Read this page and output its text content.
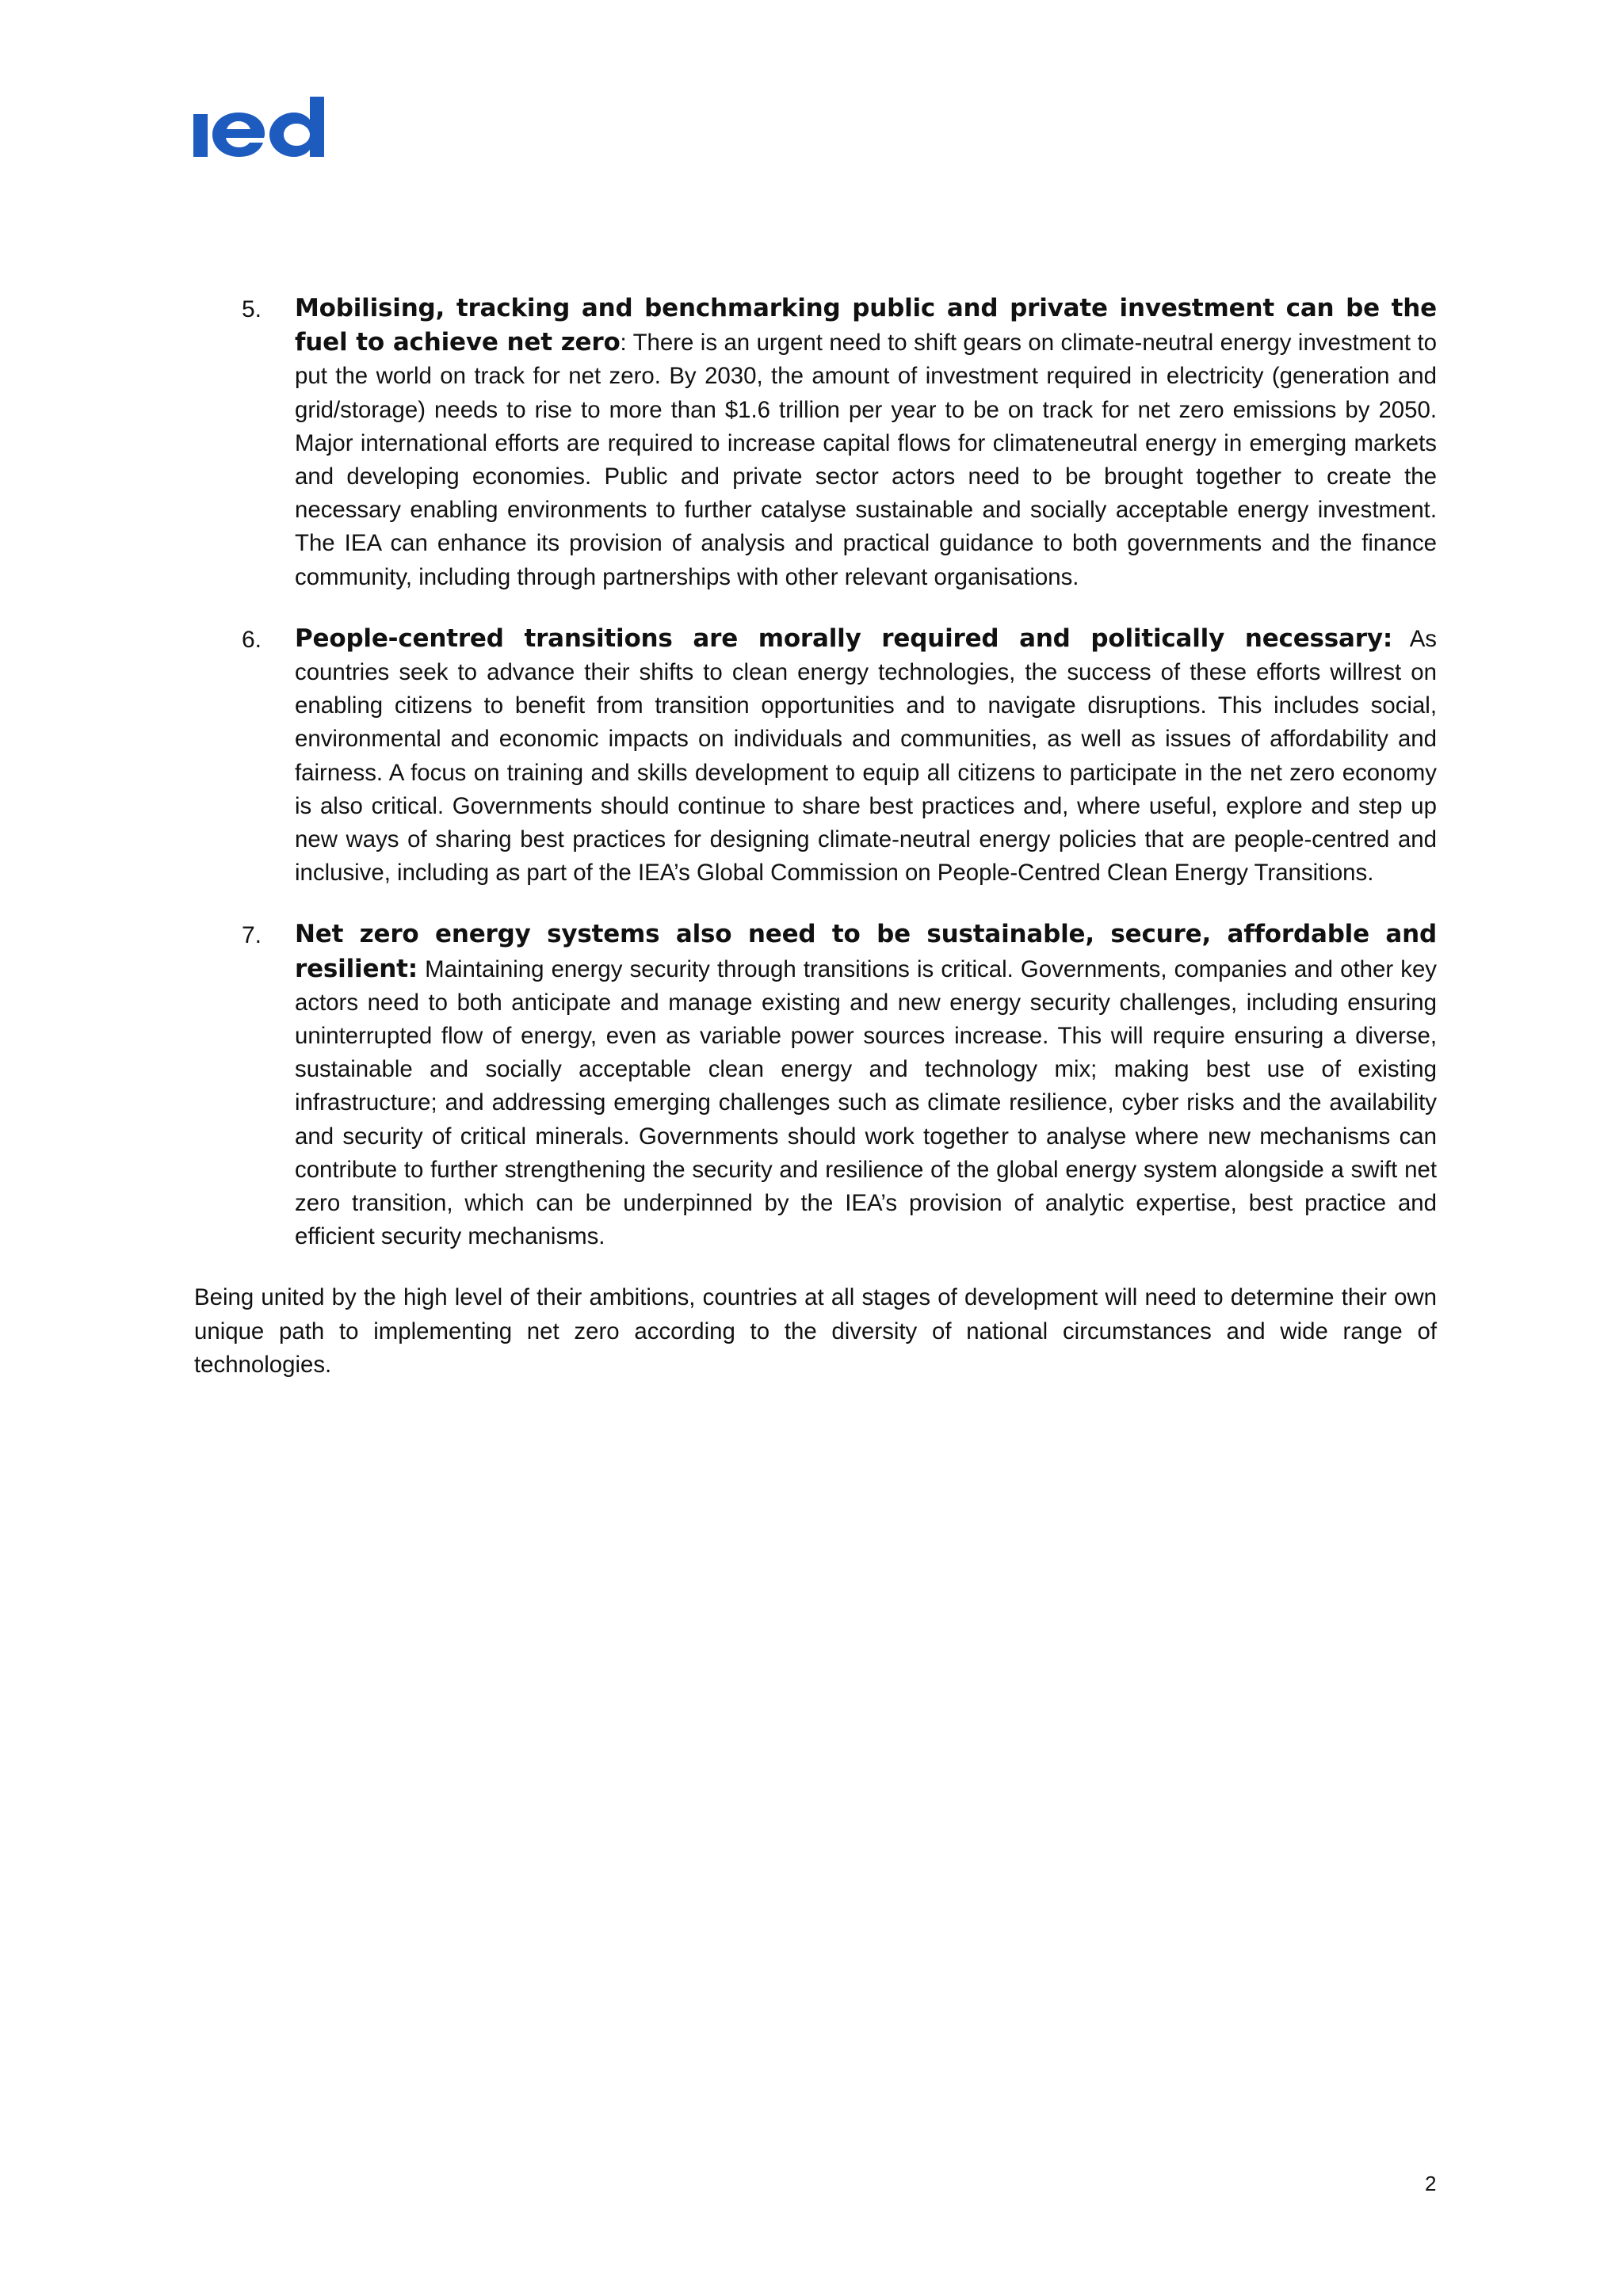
5. Mobilising, tracking and benchmarking public and private investment can be the fuel to achieve net zero: There is an urgent need to shift gears on climate-neutral energy investment to put the world on track for net zero. By 2030, the amount of investment required in electricity (generation and grid/storage) needs to rise to more than $1.6 trillion per year to be on track for net zero emissions by 2050. Major international efforts are required to increase capital flows for climateneutral energy in emerging markets and developing economies. Public and private sector actors need to be brought together to create the necessary enabling environments to further catalyse sustainable and socially acceptable energy investment. The IEA can enhance its provision of analysis and practical guidance to both governments and the finance community, including through partnerships with other relevant organisations.

6. People-centred transitions are morally required and politically necessary: As countries seek to advance their shifts to clean energy technologies, the success of these efforts willrest on enabling citizens to benefit from transition opportunities and to navigate disruptions. This includes social, environmental and economic impacts on individuals and communities, as well as issues of affordability and fairness. A focus on training and skills development to equip all citizens to participate in the net zero economy is also critical. Governments should continue to share best practices and, where useful, explore and step up new ways of sharing best practices for designing climate-neutral energy policies that are people-centred and inclusive, including as part of the IEA’s Global Commission on People-Centred Clean Energy Transitions.

7. Net zero energy systems also need to be sustainable, secure, affordable and resilient: Maintaining energy security through transitions is critical. Governments, companies and other key actors need to both anticipate and manage existing and new energy security challenges, including ensuring uninterrupted flow of energy, even as variable power sources increase. This will require ensuring a diverse, sustainable and socially acceptable clean energy and technology mix; making best use of existing infrastructure; and addressing emerging challenges such as climate resilience, cyber risks and the availability and security of critical minerals. Governments should work together to analyse where new mechanisms can contribute to further strengthening the security and resilience of the global energy system alongside a swift net zero transition, which can be underpinned by the IEA’s provision of analytic expertise, best practice and efficient security mechanisms.

Being united by the high level of their ambitions, countries at all stages of development will need to determine their own unique path to implementing net zero according to the diversity of national circumstances and wide range of technologies.

2
